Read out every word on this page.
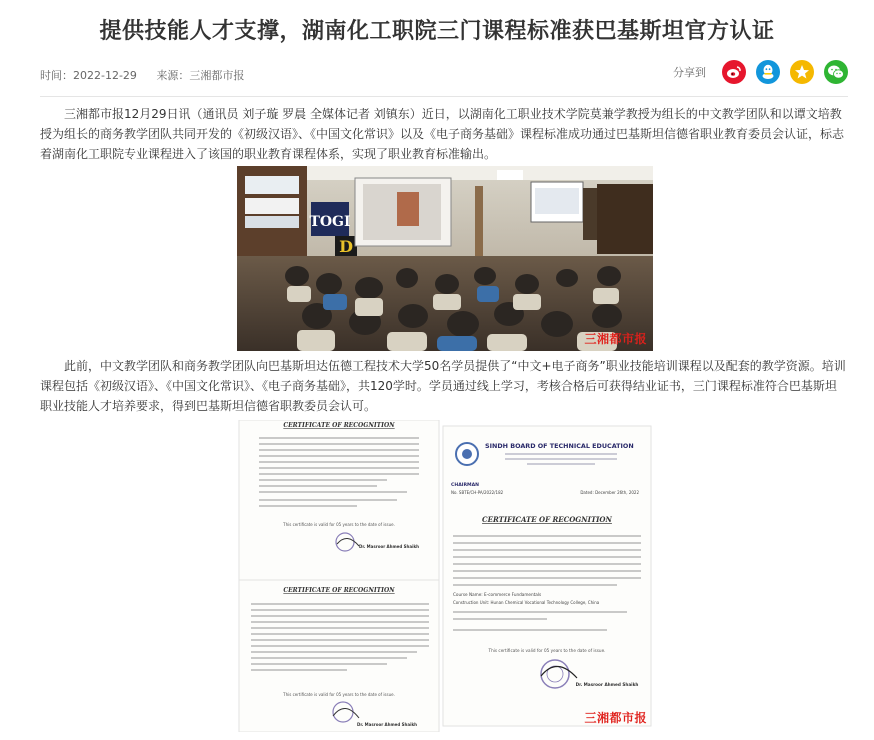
提供技能人才支撑，湖南化工职院三门课程标准获巴基斯坦官方认证
时间：2022-12-29 来源：三湘都市报	分享到

三湘都市报12月29日讯（通讯员 刘子璇 罗晨 全媒体记者 刘镇东）近日，以湖南化工职业技术学院莫兼学教授为组长的中文教学团队和以谭文培教授为组长的商务教学团队共同开发的《初级汉语》、《中国文化常识》以及《电子商务基础》课程标准成功通过巴基斯坦信德省职业教育委员会认证，标志着湖南化工职院专业课程进入了该国的职业教育课程体系，实现了职业教育标准输出。

TOGI
D
三湘都市报

此前，中文教学团队和商务教学团队向巴基斯坦达伍德工程技术大学50名学员提供了“中文+电子商务”职业技能培训课程以及配套的教学资源。培训课程包括《初级汉语》、《中国文化常识》、《电子商务基础》，共120学时。学员通过线上学习，考核合格后可获得结业证书，三门课程标准符合巴基斯坦职业技能人才培养要求，得到巴基斯坦信德省职教委员会认可。

CERTIFICATE OF RECOGNITION
This certificate is valid for 05 years to the date of issue.
Dr. Masroor Ahmed Shaikh
CERTIFICATE OF RECOGNITION
This certificate is valid for 05 years to the date of issue.
Dr. Masroor Ahmed Shaikh
SINDH BOARD OF TECHNICAL EDUCATION
CHAIRMAN
No. SBTE/CH-PA/2022/182	Dated: December 26th, 2022
CERTIFICATE OF RECOGNITION
Course Name: E-commerce Fundamentals
Construction Unit: Hunan Chemical Vocational Technology College, China
This certificate is valid for 05 years to the date of issue.
Dr. Masroor Ahmed Shaikh
三湘都市报
